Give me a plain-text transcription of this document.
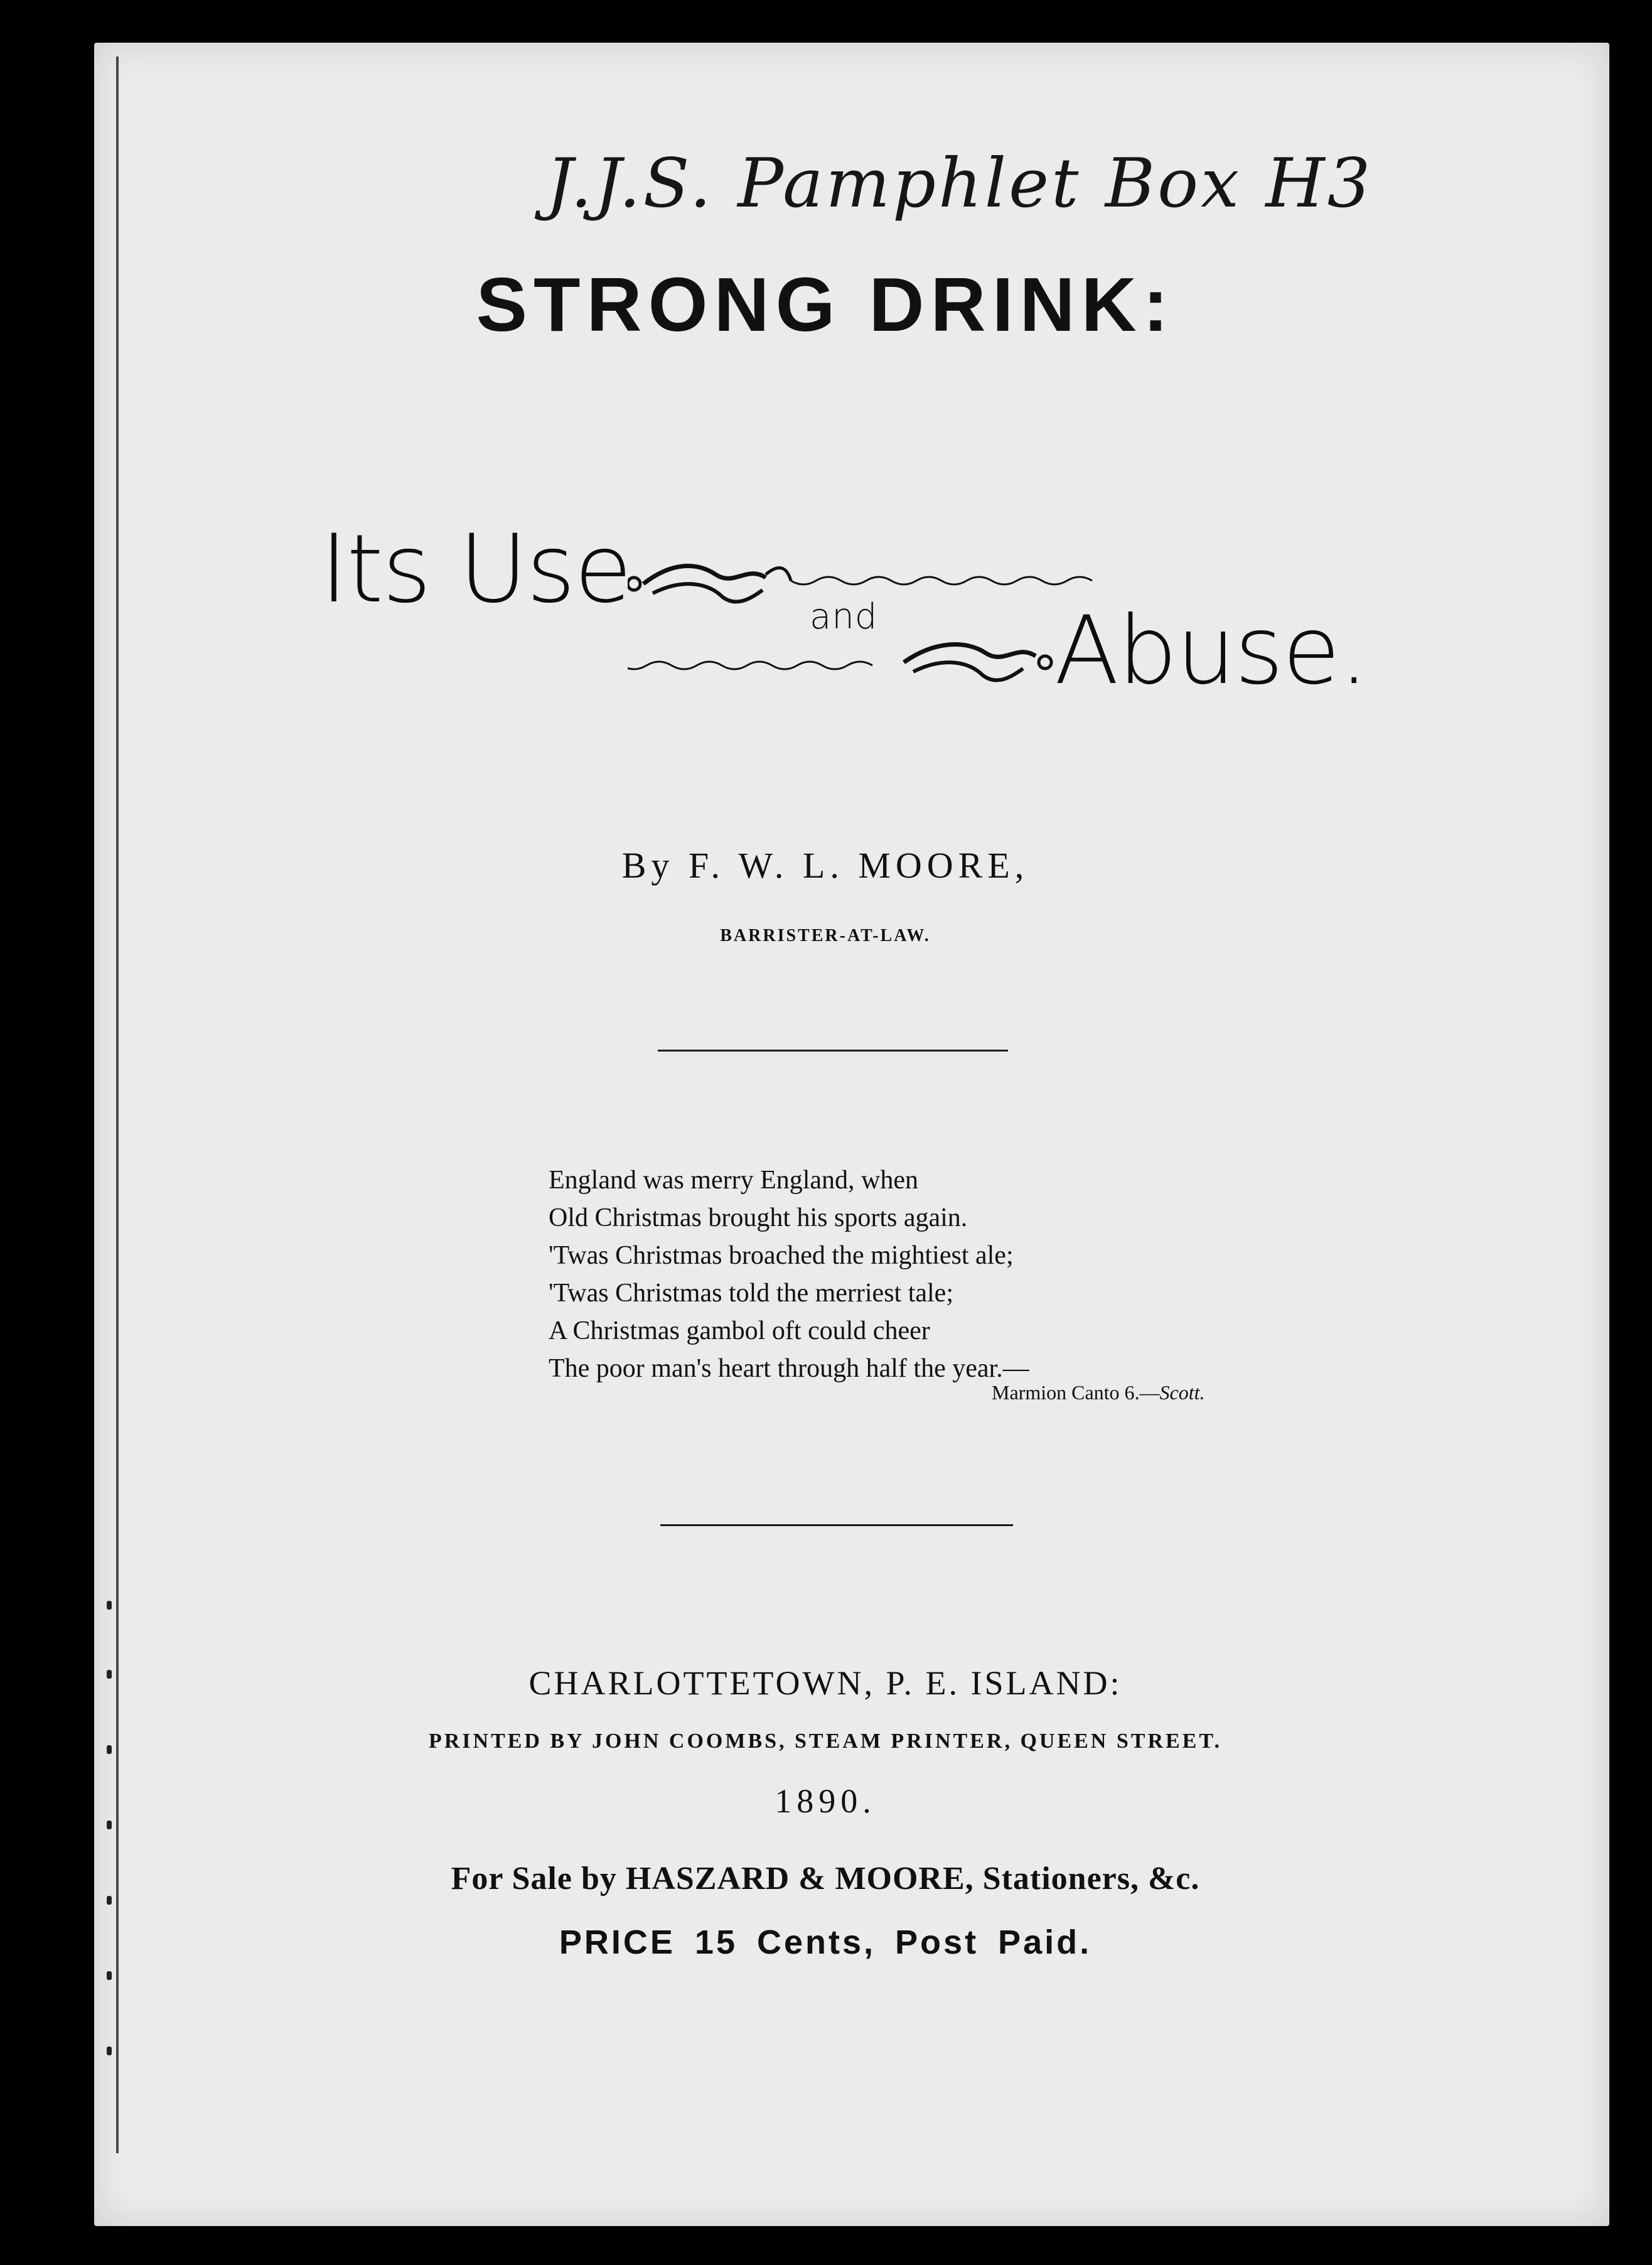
J.J.S. Pamphlet Box H3
STRONG DRINK:
Its Use	and Abuse.
By F. W. L. MOORE,
BARRISTER-AT-LAW.
England was merry England, when
Old Christmas brought his sports again.
'Twas Christmas broached the mightiest ale;
'Twas Christmas told the merriest tale;
A Christmas gambol oft could cheer
The poor man's heart through half the year.—
Marmion Canto 6.—Scott.
CHARLOTTETOWN, P. E. ISLAND:
PRINTED BY JOHN COOMBS, STEAM PRINTER, QUEEN STREET.
1890.
For Sale by HASZARD & MOORE, Stationers, &c.
PRICE 15 Cents, Post Paid.
